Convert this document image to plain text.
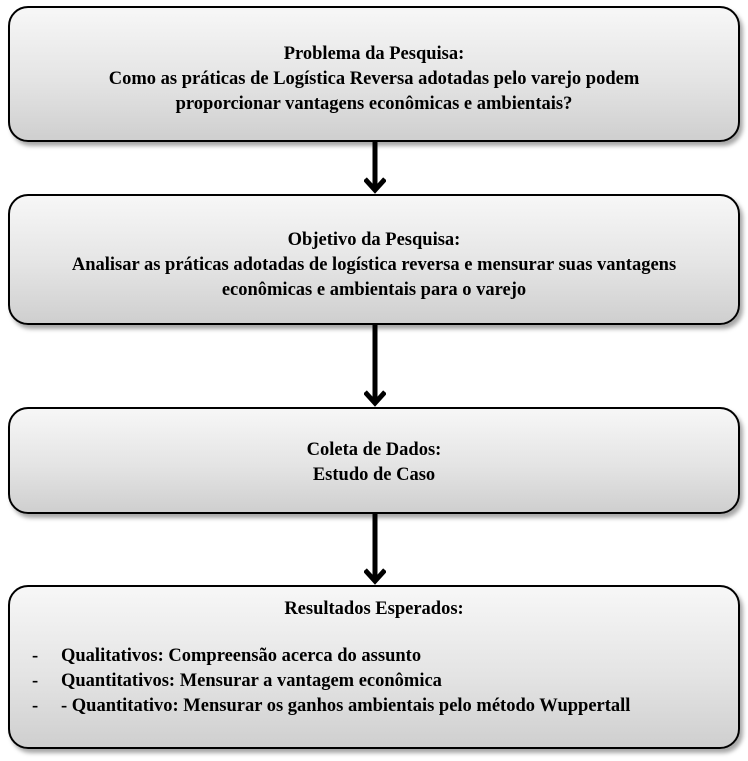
Problema da Pesquisa:
Como as práticas de Logística Reversa adotadas pelo varejo podem
proporcionar vantagens econômicas e ambientais?
Objetivo da Pesquisa:
Analisar as práticas adotadas de logística reversa e mensurar suas vantagens
econômicas e ambientais para o varejo
Coleta de Dados:
Estudo de Caso
Resultados Esperados:
- Qualitativos: Compreensão acerca do assunto
- Quantitativos: Mensurar a vantagem econômica
- - Quantitativo: Mensurar os ganhos ambientais pelo método Wuppertall
